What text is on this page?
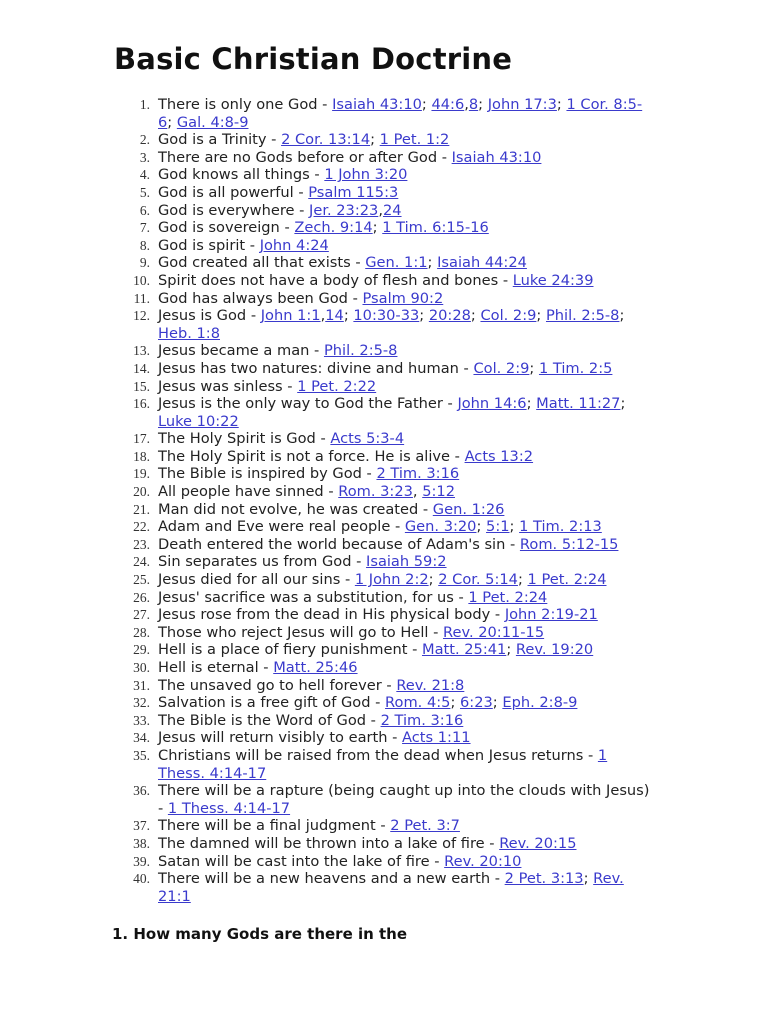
Basic Christian Doctrine
1. There is only one God - Isaiah 43:10; 44:6,8; John 17:3; 1 Cor. 8:5-6; Gal. 4:8-9
2. God is a Trinity - 2 Cor. 13:14; 1 Pet. 1:2
3. There are no Gods before or after God - Isaiah 43:10
4. God knows all things - 1 John 3:20
5. God is all powerful - Psalm 115:3
6. God is everywhere - Jer. 23:23,24
7. God is sovereign - Zech. 9:14; 1 Tim. 6:15-16
8. God is spirit - John 4:24
9. God created all that exists - Gen. 1:1; Isaiah 44:24
10. Spirit does not have a body of flesh and bones - Luke 24:39
11. God has always been God - Psalm 90:2
12. Jesus is God - John 1:1,14; 10:30-33; 20:28; Col. 2:9; Phil. 2:5-8; Heb. 1:8
13. Jesus became a man - Phil. 2:5-8
14. Jesus has two natures: divine and human - Col. 2:9; 1 Tim. 2:5
15. Jesus was sinless - 1 Pet. 2:22
16. Jesus is the only way to God the Father - John 14:6; Matt. 11:27; Luke 10:22
17. The Holy Spirit is God - Acts 5:3-4
18. The Holy Spirit is not a force. He is alive - Acts 13:2
19. The Bible is inspired by God - 2 Tim. 3:16
20. All people have sinned - Rom. 3:23, 5:12
21. Man did not evolve, he was created - Gen. 1:26
22. Adam and Eve were real people - Gen. 3:20; 5:1; 1 Tim. 2:13
23. Death entered the world because of Adam's sin - Rom. 5:12-15
24. Sin separates us from God - Isaiah 59:2
25. Jesus died for all our sins - 1 John 2:2; 2 Cor. 5:14; 1 Pet. 2:24
26. Jesus' sacrifice was a substitution, for us - 1 Pet. 2:24
27. Jesus rose from the dead in His physical body - John 2:19-21
28. Those who reject Jesus will go to Hell - Rev. 20:11-15
29. Hell is a place of fiery punishment - Matt. 25:41; Rev. 19:20
30. Hell is eternal - Matt. 25:46
31. The unsaved go to hell forever - Rev. 21:8
32. Salvation is a free gift of God - Rom. 4:5; 6:23; Eph. 2:8-9
33. The Bible is the Word of God - 2 Tim. 3:16
34. Jesus will return visibly to earth - Acts 1:11
35. Christians will be raised from the dead when Jesus returns - 1 Thess. 4:14-17
36. There will be a rapture (being caught up into the clouds with Jesus) - 1 Thess. 4:14-17
37. There will be a final judgment - 2 Pet. 3:7
38. The damned will be thrown into a lake of fire - Rev. 20:15
39. Satan will be cast into the lake of fire - Rev. 20:10
40. There will be a new heavens and a new earth - 2 Pet. 3:13; Rev. 21:1
1. How many Gods are there in the
